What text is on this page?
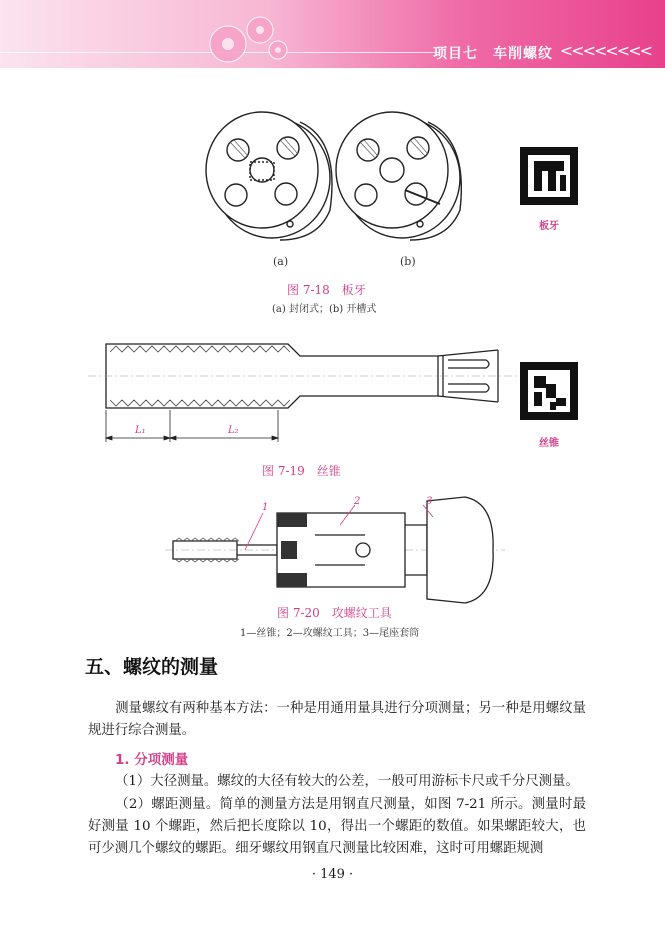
项目七　车削螺纹 <<<<<<<<
(a)	(b)
图 7-18　板牙
(a) 封闭式；(b) 开槽式
板牙
L₁	L₂
图 7-19　丝锥
丝锥
1
2	3
图 7-20　攻螺纹工具
1—丝锥；2—攻螺纹工具；3—尾座套筒
五、螺纹的测量
测量螺纹有两种基本方法：一种是用通用量具进行分项测量；另一种是用螺纹量规进行综合测量。
1. 分项测量
（1）大径测量。螺纹的大径有较大的公差，一般可用游标卡尺或千分尺测量。
（2）螺距测量。简单的测量方法是用钢直尺测量，如图 7-21 所示。测量时最好测量 10 个螺距，然后把长度除以 10，得出一个螺距的数值。如果螺距较大，也可少测几个螺纹的螺距。细牙螺纹用钢直尺测量比较困难，这时可用螺距规测
· 149 ·
